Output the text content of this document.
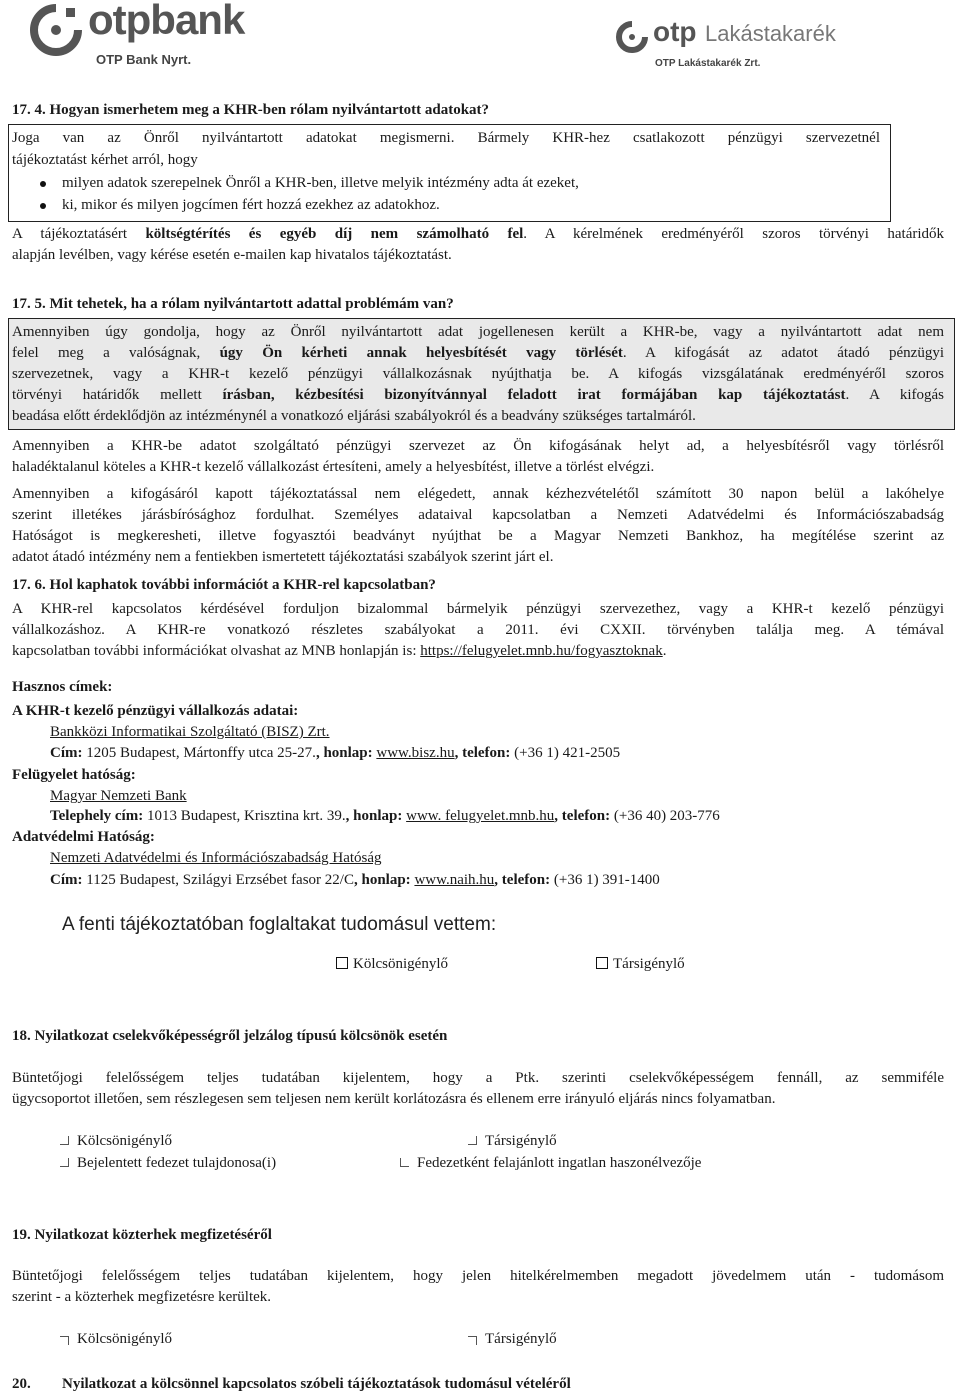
otpbank
OTP Bank Nyrt.
otp Lakástakarék
OTP Lakástakarék Zrt.
17. 4. Hogyan ismerhetem meg a KHR-ben rólam nyilvántartott adatokat?
Joga van az Önről nyilvántartott adatokat megismerni. Bármely KHR-hez csatlakozott pénzügyi szervezetnél
tájékoztatást kérhet arról, hogy
milyen adatok szerepelnek Önről a KHR-ben, illetve melyik intézmény adta át ezeket,
ki, mikor és milyen jogcímen fért hozzá ezekhez az adatokhoz.
A tájékoztatásért költségtérítés és egyéb díj nem számolható fel. A kérelmének eredményéről szoros törvényi határidők
alapján levélben, vagy kérése esetén e-mailen kap hivatalos tájékoztatást.
17. 5. Mit tehetek, ha a rólam nyilvántartott adattal problémám van?
Amennyiben úgy gondolja, hogy az Önről nyilvántartott adat jogellenesen került a KHR-be, vagy a nyilvántartott adat nem
felel meg a valóságnak, úgy Ön kérheti annak helyesbítését vagy törlését. A kifogását az adatot átadó pénzügyi
szervezetnek, vagy a KHR-t kezelő pénzügyi vállalkozásnak nyújthatja be. A kifogás vizsgálatának eredményéről szoros
törvényi határidők mellett írásban, kézbesítési bizonyítvánnyal feladott irat formájában kap tájékoztatást. A kifogás
beadása előtt érdeklődjön az intézménynél a vonatkozó eljárási szabályokról és a beadvány szükséges tartalmáról.
Amennyiben a KHR-be adatot szolgáltató pénzügyi szervezet az Ön kifogásának helyt ad, a helyesbítésről vagy törlésről
haladéktalanul köteles a KHR-t kezelő vállalkozást értesíteni, amely a helyesbítést, illetve a törlést elvégzi.
Amennyiben a kifogásáról kapott tájékoztatással nem elégedett, annak kézhezvételétől számított 30 napon belül a lakóhelye
szerint illetékes járásbírósághoz fordulhat. Személyes adataival kapcsolatban a Nemzeti Adatvédelmi és Információszabadság
Hatóságot is megkeresheti, illetve fogyasztói beadványt nyújthat be a Magyar Nemzeti Bankhoz, ha megítélése szerint az
adatot átadó intézmény nem a fentiekben ismertetett tájékoztatási szabályok szerint járt el.
17. 6. Hol kaphatok további információt a KHR-rel kapcsolatban?
A KHR-rel kapcsolatos kérdésével forduljon bizalommal bármelyik pénzügyi szervezethez, vagy a KHR-t kezelő pénzügyi
vállalkozáshoz. A KHR-re vonatkozó részletes szabályokat a 2011. évi CXXII. törvényben találja meg. A témával
kapcsolatban további információkat olvashat az MNB honlapján is: https://felugyelet.mnb.hu/fogyasztoknak.
Hasznos címek:
A KHR-t kezelő pénzügyi vállalkozás adatai:
Bankközi Informatikai Szolgáltató (BISZ) Zrt.
Cím: 1205 Budapest, Mártonffy utca 25-27., honlap: www.bisz.hu, telefon: (+36 1) 421-2505
Felügyelet hatóság:
Magyar Nemzeti Bank
Telephely cím: 1013 Budapest, Krisztina krt. 39., honlap: www. felugyelet.mnb.hu, telefon: (+36 40) 203-776
Adatvédelmi Hatóság:
Nemzeti Adatvédelmi és Információszabadság Hatóság
Cím: 1125 Budapest, Szilágyi Erzsébet fasor 22/C, honlap: www.naih.hu, telefon: (+36 1) 391-1400
A fenti tájékoztatóban foglaltakat tudomásul vettem:
Kölcsönigénylő	Társigénylő
18. Nyilatkozat cselekvőképességről jelzálog típusú kölcsönök esetén
Büntetőjogi felelősségem teljes tudatában kijelentem, hogy a Ptk. szerinti cselekvőképességem fennáll, az semmiféle
ügycsoportot illetően, sem részlegesen sem teljesen nem került korlátozásra és ellenem erre irányuló eljárás nincs folyamatban.
Kölcsönigénylő	Társigénylő
Bejelentett fedezet tulajdonosa(i)	Fedezetként felajánlott ingatlan haszonélvezője
19. Nyilatkozat közterhek megfizetéséről
Büntetőjogi felelősségem teljes tudatában kijelentem, hogy jelen hitelkérelmemben megadott jövedelmem után - tudomásom
szerint - a közterhek megfizetésre kerültek.
Kölcsönigénylő	Társigénylő
20. Nyilatkozat a kölcsönnel kapcsolatos szóbeli tájékoztatások tudomásul vételéről
